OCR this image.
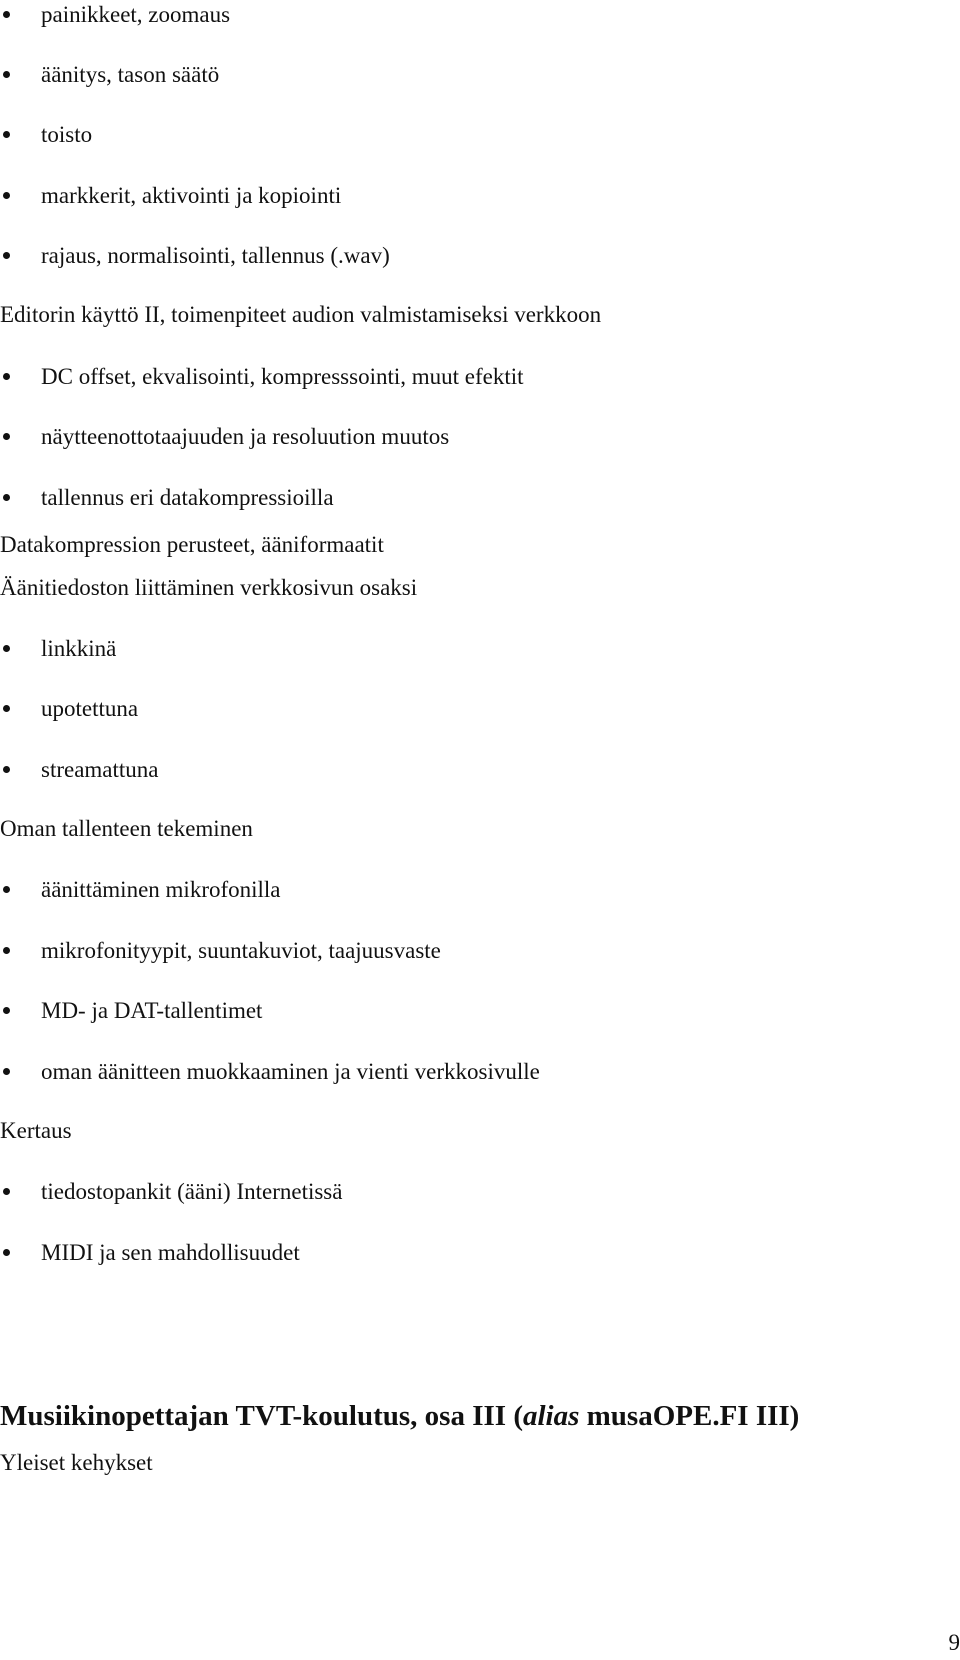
painikkeet, zoomaus
äänitys, tason säätö
toisto
markkerit, aktivointi ja kopiointi
rajaus, normalisointi, tallennus (.wav)
Editorin käyttö II, toimenpiteet audion valmistamiseksi verkkoon
DC offset, ekvalisointi, kompresssointi, muut efektit
näytteenottotaajuuden ja resoluution muutos
tallennus eri datakompressioilla
Datakompression perusteet, ääniformaatit
Äänitiedoston liittäminen verkkosivun osaksi
linkkinä
upotettuna
streamattuna
Oman tallenteen tekeminen
äänittäminen mikrofonilla
mikrofonityypit, suuntakuviot, taajuusvaste
MD- ja DAT-tallentimet
oman äänitteen muokkaaminen ja vienti verkkosivulle
Kertaus
tiedostopankit (ääni) Internetissä
MIDI ja sen mahdollisuudet
Musiikinopettajan TVT-koulutus, osa III (alias musaOPE.FI III)
Yleiset kehykset
9
